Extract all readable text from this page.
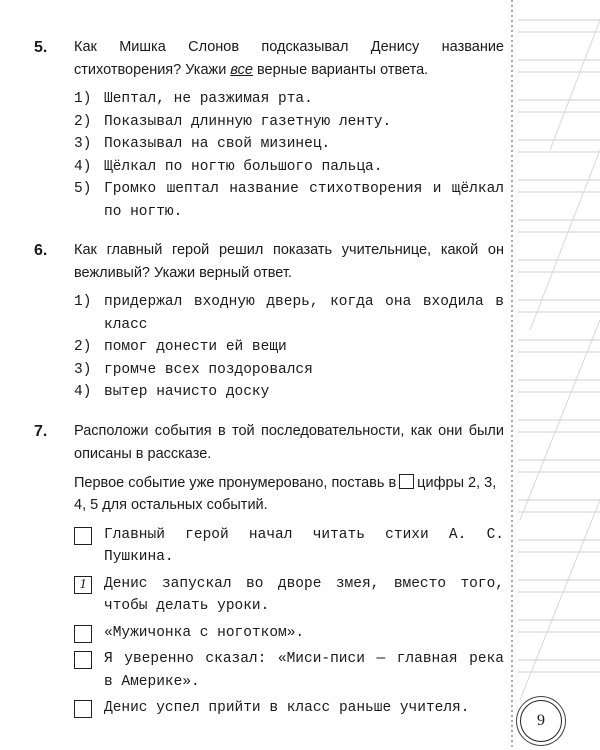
5. Как Мишка Слонов подсказывал Денису название стихотворения? Укажи все верные варианты ответа.
1) Шептал, не разжимая рта.
2) Показывал длинную газетную ленту.
3) Показывал на свой мизинец.
4) Щёлкал по ногтю большого пальца.
5) Громко шептал название стихотворения и щёлкал по ногтю.
6. Как главный герой решил показать учительнице, какой он вежливый? Укажи верный ответ.
1) придержал входную дверь, когда она входила в класс
2) помог донести ей вещи
3) громче всех поздоровался
4) вытер начисто доску
7. Расположи события в той последовательности, как они были описаны в рассказе.
Первое событие уже пронумеровано, поставь в цифры 2, 3, 4, 5 для остальных событий.
Главный герой начал читать стихи А. С. Пушкина.
1	Денис запускал во дворе змея, вместо того, чтобы делать уроки.
«Мужичонка с ноготком».
Я уверенно сказал: «Миси-писи — главная река в Америке».
Денис успел прийти в класс раньше учителя.
9
